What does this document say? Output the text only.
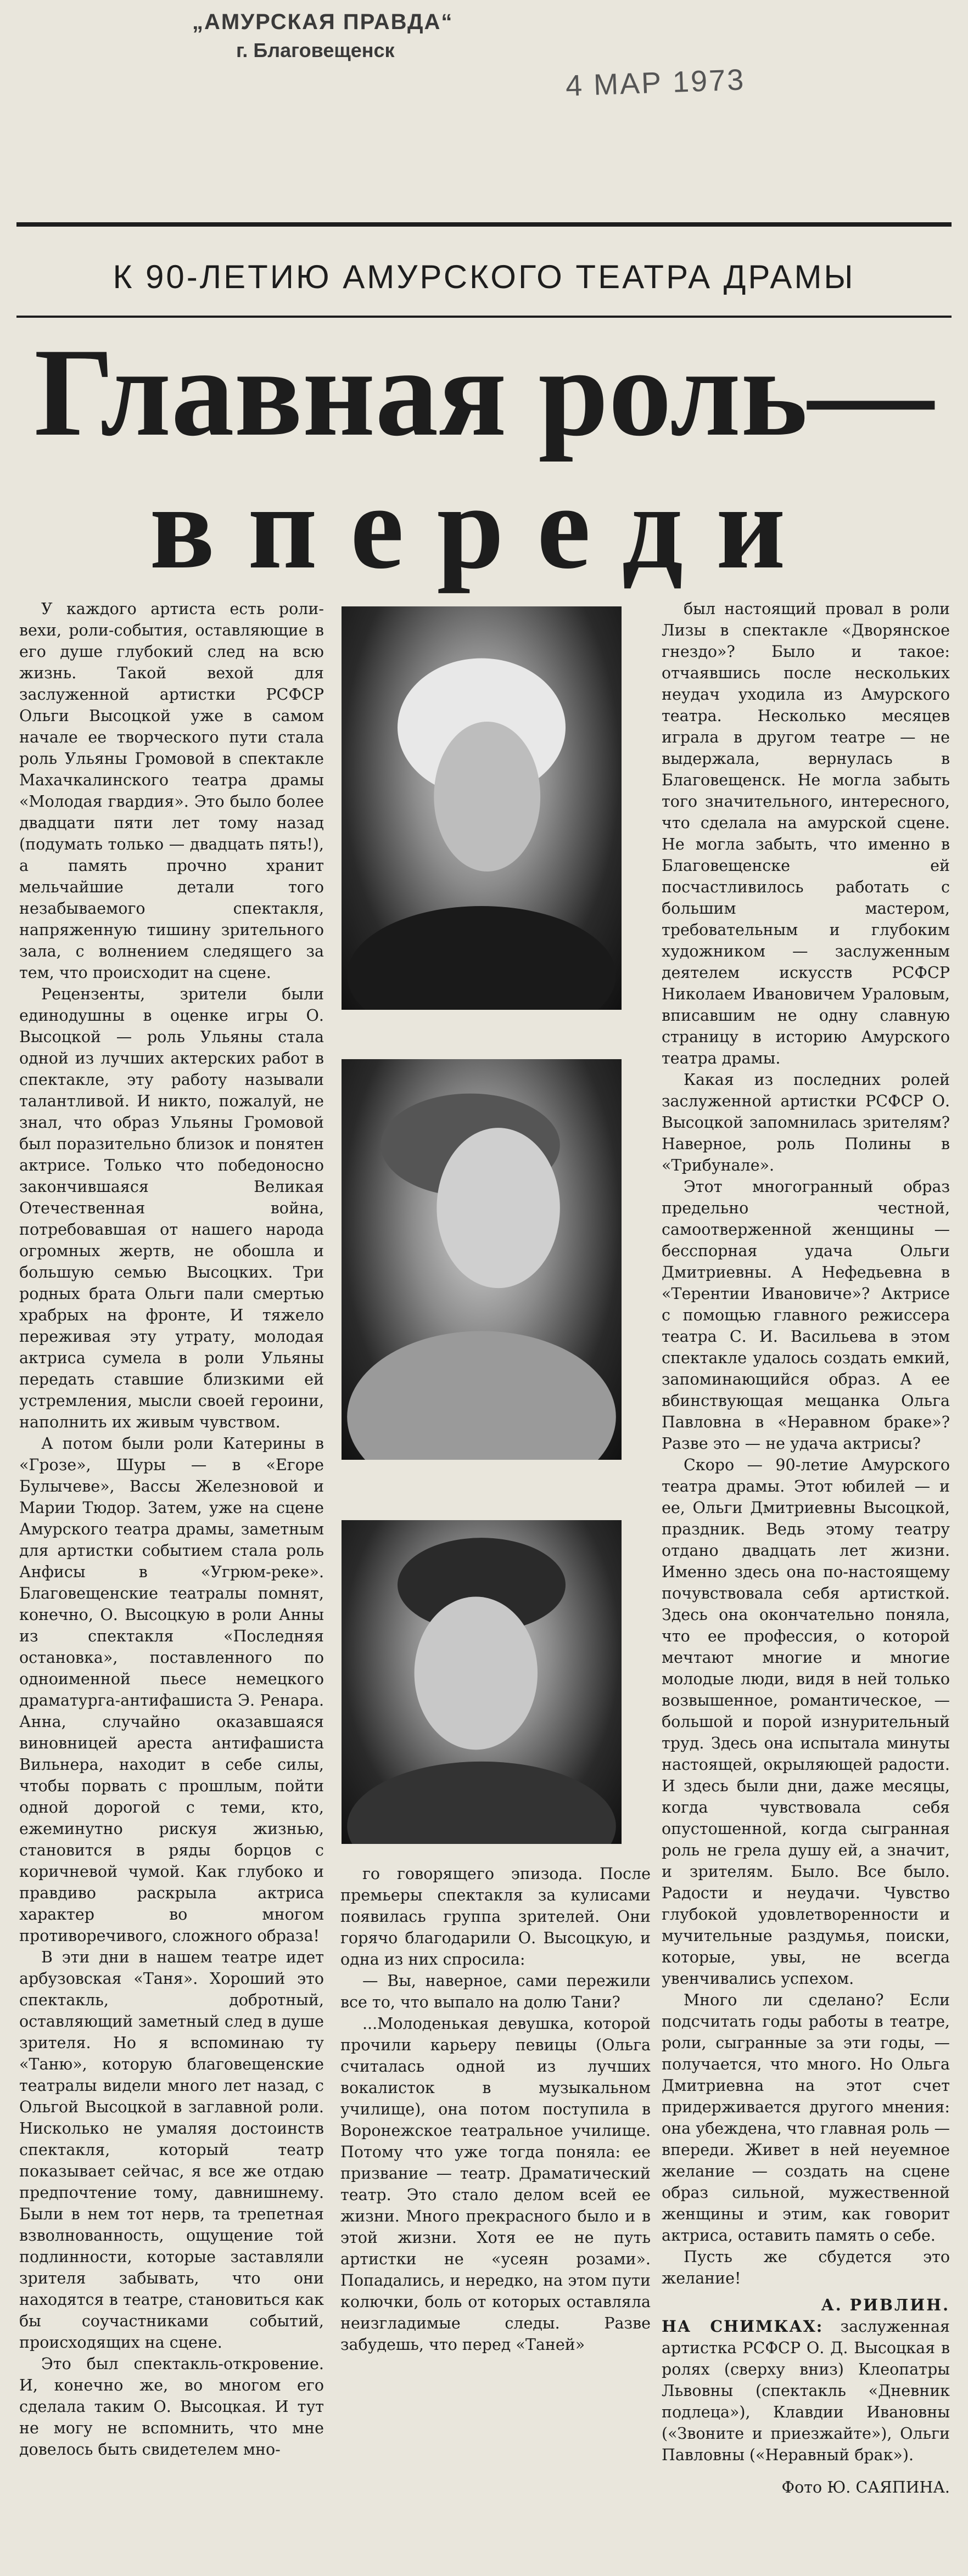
„АМУРСКАЯ ПРАВДА“
г. Благовещенск
4 МАР 1973
К 90-ЛЕТИЮ АМУРСКОГО ТЕАТРА ДРАМЫ
Главная роль—
впереди

У каждого артиста есть роли-вехи, роли-события, оставляющие в его душе глубокий след на всю жизнь. Такой вехой для заслуженной артистки РСФСР Ольги Высоцкой уже в самом начале ее творческого пути стала роль Ульяны Громовой в спектакле Махачкалинского театра драмы «Молодая гвардия». Это было более двадцати пяти лет тому назад (подумать только — двадцать пять!), а память прочно хранит мельчайшие детали того незабываемого спектакля, напряженную тишину зрительного зала, с волнением следящего за тем, что происходит на сцене.

Рецензенты, зрители были единодушны в оценке игры О. Высоцкой — роль Ульяны стала одной из лучших актерских работ в спектакле, эту работу называли талантливой. И никто, пожалуй, не знал, что образ Ульяны Громовой был поразительно близок и понятен актрисе. Только что победоносно закончившаяся Великая Отечественная война, потребовавшая от нашего народа огромных жертв, не обошла и большую семью Высоцких. Три родных брата Ольги пали смертью храбрых на фронте, И тяжело переживая эту утрату, молодая актриса сумела в роли Ульяны передать ставшие близкими ей устремления, мысли своей героини, наполнить их живым чувством.

А потом были роли Катерины в «Грозе», Шуры — в «Егоре Булычеве», Вассы Железновой и Марии Тюдор. Затем, уже на сцене Амурского театра драмы, заметным для артистки событием стала роль Анфисы в «Угрюм-реке». Благовещенские театралы помнят, конечно, О. Высоцкую в роли Анны из спектакля «Последняя остановка», поставленного по одноименной пьесе немецкого драматурга-антифашиста Э. Ренара. Анна, случайно оказавшаяся виновницей ареста антифашиста Вильнера, находит в себе силы, чтобы порвать с прошлым, пойти одной дорогой с теми, кто, ежеминутно рискуя жизнью, становится в ряды борцов с коричневой чумой. Как глубоко и правдиво раскрыла актриса характер во многом противоречивого, сложного образа!

В эти дни в нашем театре идет арбузовская «Таня». Хороший это спектакль, добротный, оставляющий заметный след в душе зрителя. Но я вспоминаю ту «Таню», которую благовещенские театралы видели много лет назад, с Ольгой Высоцкой в заглавной роли. Нисколько не умаляя достоинств спектакля, который театр показывает сейчас, я все же отдаю предпочтение тому, давнишнему. Были в нем тот нерв, та трепетная взволнованность, ощущение той подлинности, которые заставляли зрителя забывать, что они находятся в театре, становиться как бы соучастниками событий, происходящих на сцене.

Это был спектакль-откровение. И, конечно же, во многом его сделала таким О. Высоцкая. И тут не могу не вспомнить, что мне довелось быть свидетелем мно-

го говорящего эпизода. После премьеры спектакля за кулисами появилась группа зрителей. Они горячо благодарили О. Высоцкую, и одна из них спросила:

— Вы, наверное, сами пережили все то, что выпало на долю Тани?

...Молоденькая девушка, которой прочили карьеру певицы (Ольга считалась одной из лучших вокалисток в музыкальном училище), она потом поступила в Воронежское театральное училище. Потому что уже тогда поняла: ее призвание — театр. Драматический театр. Это стало делом всей ее жизни. Много прекрасного было и в этой жизни. Хотя ее не путь артистки не «усеян розами». Попадались, и нередко, на этом пути колючки, боль от которых оставляла неизгладимые следы. Разве забудешь, что перед «Таней»

был настоящий провал в роли Лизы в спектакле «Дворянское гнездо»? Было и такое: отчаявшись после нескольких неудач уходила из Амурского театра. Несколько месяцев играла в другом театре — не выдержала, вернулась в Благовещенск. Не могла забыть того значительного, интересного, что сделала на амурской сцене. Не могла забыть, что именно в Благовещенске ей посчастливилось работать с большим мастером, требовательным и глубоким художником — заслуженным деятелем искусств РСФСР Николаем Ивановичем Ураловым, вписавшим не одну славную страницу в историю Амурского театра драмы.

Какая из последних ролей заслуженной артистки РСФСР О. Высоцкой запомнилась зрителям? Наверное, роль Полины в «Трибунале».

Этот многогранный образ предельно честной, самоотверженной женщины — бесспорная удача Ольги Дмитриевны. А Нефедьевна в «Терентии Ивановиче»? Актрисе с помощью главного режиссера театра С. И. Васильева в этом спектакле удалось создать емкий, запоминающийся образ. А ее вбинствующая мещанка Ольга Павловна в «Неравном браке»? Разве это — не удача актрисы?

Скоро — 90-летие Амурского театра драмы. Этот юбилей — и ее, Ольги Дмитриевны Высоцкой, праздник. Ведь этому театру отдано двадцать лет жизни. Именно здесь она по-настоящему почувствовала себя артисткой. Здесь она окончательно поняла, что ее профессия, о которой мечтают многие и многие молодые люди, видя в ней только возвышенное, романтическое, — большой и порой изнурительный труд. Здесь она испытала минуты настоящей, окрыляющей радости. И здесь были дни, даже месяцы, когда чувствовала себя опустошенной, когда сыгранная роль не грела душу ей, а значит, и зрителям. Было. Все было. Радости и неудачи. Чувство глубокой удовлетворенности и мучительные раздумья, поиски, которые, увы, не всегда увенчивались успехом.

Много ли сделано? Если подсчитать годы работы в театре, роли, сыгранные за эти годы, — получается, что много. Но Ольга Дмитриевна на этот счет придерживается другого мнения: она убеждена, что главная роль — впереди. Живет в ней неуемное желание — создать на сцене образ сильной, мужественной женщины и этим, как говорит актриса, оставить память о себе.

Пусть же сбудется это желание!

А. РИВЛИН.

НА СНИМКАХ: заслуженная артистка РСФСР О. Д. Высоцкая в ролях (сверху вниз) Клеопатры Львовны (спектакль «Дневник подлеца»), Клавдии Ивановны («Звоните и приезжайте»), Ольги Павловны («Неравный брак»).

Фото Ю. САЯПИНА.
